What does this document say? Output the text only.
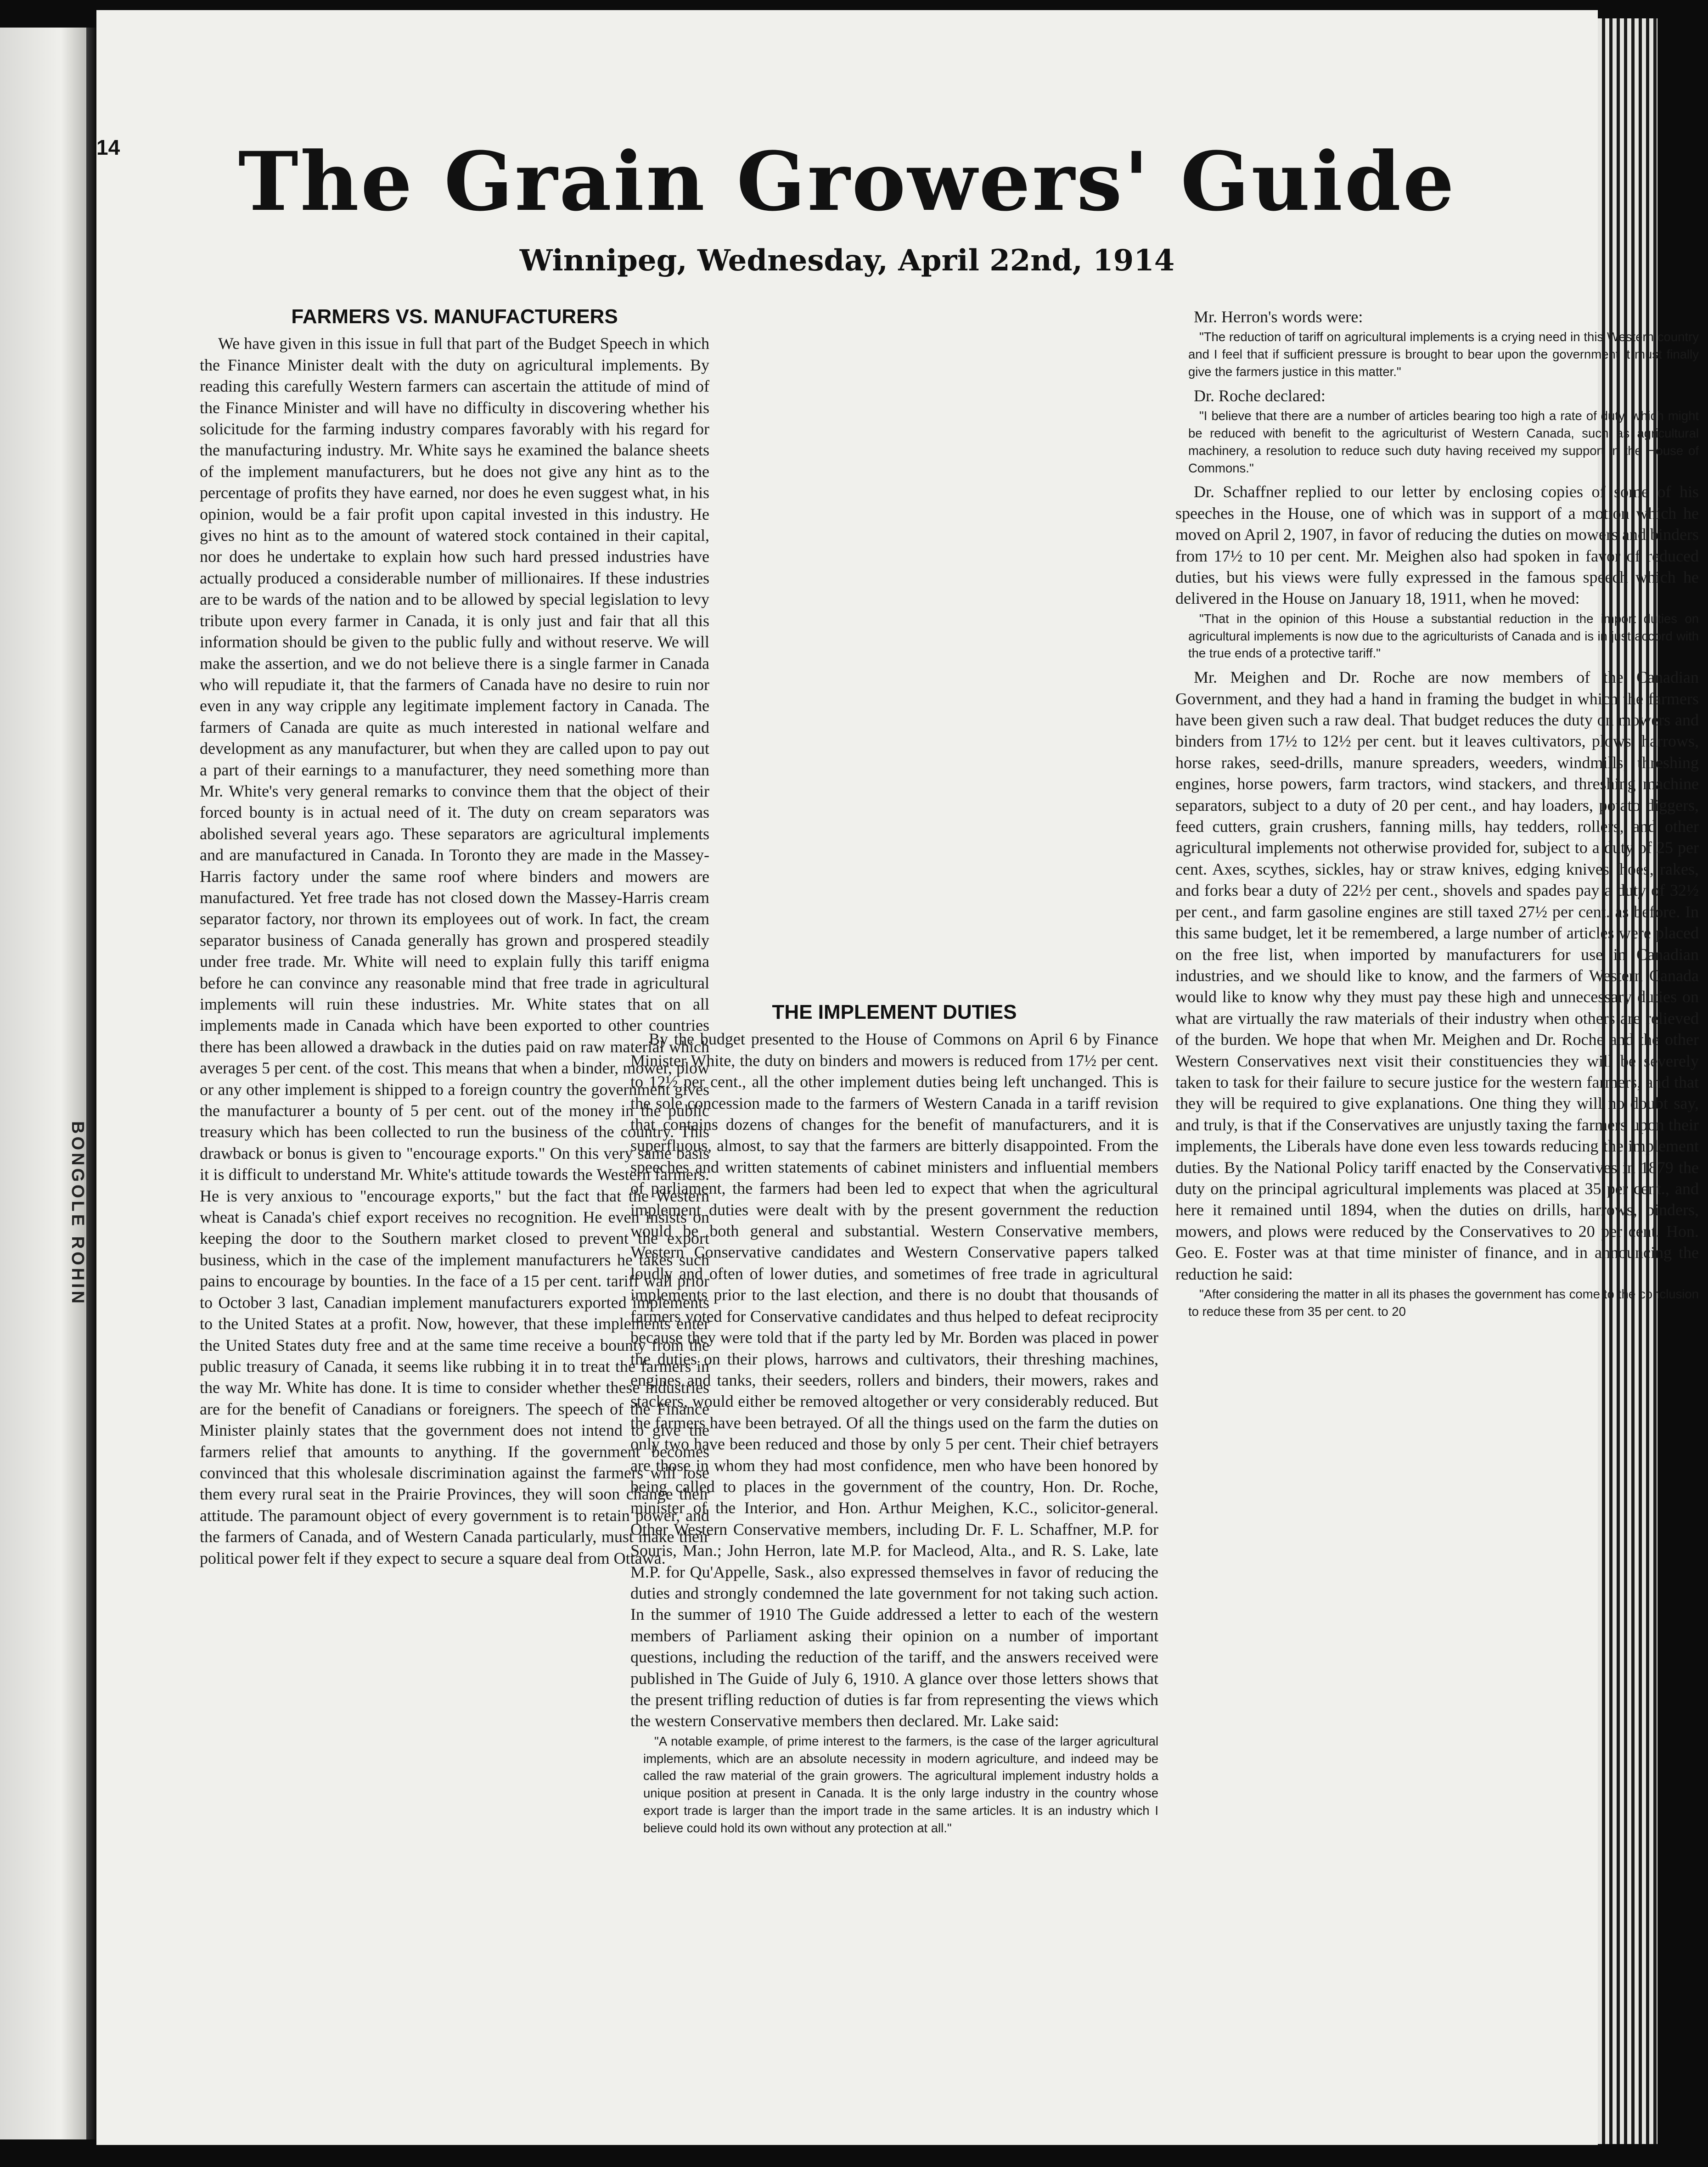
14
BONGOLE ROHIN
The Grain Growers' Guide
Winnipeg, Wednesday, April 22nd, 1914
FARMERS VS. MANUFACTURERS

We have given in this issue in full that part of the Budget Speech in which the Finance Minister dealt with the duty on agricultural implements. By reading this carefully Western farmers can ascertain the attitude of mind of the Finance Minister and will have no difficulty in discovering whether his solicitude for the farming industry compares favorably with his regard for the manufacturing industry. Mr. White says he examined the balance sheets of the implement manufacturers, but he does not give any hint as to the percentage of profits they have earned, nor does he even suggest what, in his opinion, would be a fair profit upon capital invested in this industry. He gives no hint as to the amount of watered stock contained in their capital, nor does he undertake to explain how such hard pressed industries have actually produced a considerable number of millionaires. If these industries are to be wards of the nation and to be allowed by special legislation to levy tribute upon every farmer in Canada, it is only just and fair that all this information should be given to the public fully and without reserve. We will make the assertion, and we do not believe there is a single farmer in Canada who will repudiate it, that the farmers of Canada have no desire to ruin nor even in any way cripple any legitimate implement factory in Canada. The farmers of Canada are quite as much interested in national welfare and development as any manufacturer, but when they are called upon to pay out a part of their earnings to a manufacturer, they need something more than Mr. White's very general remarks to convince them that the object of their forced bounty is in actual need of it. The duty on cream separators was abolished several years ago. These separators are agricultural implements and are manufactured in Canada. In Toronto they are made in the Massey-Harris factory under the same roof where binders and mowers are manufactured. Yet free trade has not closed down the Massey-Harris cream separator factory, nor thrown its employees out of work. In fact, the cream separator business of Canada generally has grown and prospered steadily under free trade. Mr. White will need to explain fully this tariff enigma before he can convince any reasonable mind that free trade in agricultural implements will ruin these industries. Mr. White states that on all implements made in Canada which have been exported to other countries there has been allowed a drawback in the duties paid on raw material which averages 5 per cent. of the cost. This means that when a binder, mower, plow or any other implement is shipped to a foreign country the government gives the manufacturer a bounty of 5 per cent. out of the money in the public treasury which has been collected to run the business of the country. This drawback or bonus is given to "encourage exports." On this very same basis it is difficult to understand Mr. White's attitude towards the Western farmers. He is very anxious to "encourage exports," but the fact that the Western wheat is Canada's chief export receives no recognition. He even insists on keeping the door to the Southern market closed to prevent the export business, which in the case of the implement manufacturers he takes such pains to encourage by bounties. In the face of a 15 per cent. tariff wall prior to October 3 last, Canadian implement manufacturers exported implements to the United States at a profit. Now, however, that these implements enter the United States duty free and at the same time receive a bounty from the public treasury of Canada, it seems like rubbing it in to treat the farmers in the way Mr. White has done. It is time to consider whether these industries are for the benefit of Canadians or foreigners. The speech of the Finance Minister plainly states that the government does not intend to give the farmers relief that amounts to anything. If the government becomes convinced that this wholesale discrimination against the farmers will lose them every rural seat in the Prairie Provinces, they will soon change their attitude. The paramount object of every government is to retain power, and the farmers of Canada, and of Western Canada particularly, must make their political power felt if they expect to secure a square deal from Ottawa.

THE IMPLEMENT DUTIES

By the budget presented to the House of Commons on April 6 by Finance Minister White, the duty on binders and mowers is reduced from 17½ per cent. to 12½ per cent., all the other implement duties being left unchanged. This is the sole concession made to the farmers of Western Canada in a tariff revision that contains dozens of changes for the benefit of manufacturers, and it is superfluous, almost, to say that the farmers are bitterly disappointed. From the speeches and written statements of cabinet ministers and influential members of parliament, the farmers had been led to expect that when the agricultural implement duties were dealt with by the present government the reduction would be both general and substantial. Western Conservative members, Western Conservative candidates and Western Conservative papers talked loudly and often of lower duties, and sometimes of free trade in agricultural implements prior to the last election, and there is no doubt that thousands of farmers voted for Conservative candidates and thus helped to defeat reciprocity because they were told that if the party led by Mr. Borden was placed in power the duties on their plows, harrows and cultivators, their threshing machines, engines and tanks, their seeders, rollers and binders, their mowers, rakes and stackers, would either be removed altogether or very considerably reduced. But the farmers have been betrayed. Of all the things used on the farm the duties on only two have been reduced and those by only 5 per cent. Their chief betrayers are those in whom they had most confidence, men who have been honored by being called to places in the government of the country, Hon. Dr. Roche, minister of the Interior, and Hon. Arthur Meighen, K.C., solicitor-general. Other Western Conservative members, including Dr. F. L. Schaffner, M.P. for Souris, Man.; John Herron, late M.P. for Macleod, Alta., and R. S. Lake, late M.P. for Qu'Appelle, Sask., also expressed themselves in favor of reducing the duties and strongly condemned the late government for not taking such action. In the summer of 1910 The Guide addressed a letter to each of the western members of Parliament asking their opinion on a number of important questions, including the reduction of the tariff, and the answers received were published in The Guide of July 6, 1910. A glance over those letters shows that the present trifling reduction of duties is far from representing the views which the western Conservative members then declared. Mr. Lake said:

"A notable example, of prime interest to the farmers, is the case of the larger agricultural implements, which are an absolute necessity in modern agriculture, and indeed may be called the raw material of the grain growers. The agricultural implement industry holds a unique position at present in Canada. It is the only large industry in the country whose export trade is larger than the import trade in the same articles. It is an industry which I believe could hold its own without any protection at all."

Mr. Herron's words were:

"The reduction of tariff on agricultural implements is a crying need in this Western country and I feel that if sufficient pressure is brought to bear upon the government it must finally give the farmers justice in this matter."

Dr. Roche declared:

"I believe that there are a number of articles bearing too high a rate of duty, which might be reduced with benefit to the agriculturist of Western Canada, such as agricultural machinery, a resolution to reduce such duty having received my support in the House of Commons."

Dr. Schaffner replied to our letter by enclosing copies of some of his speeches in the House, one of which was in support of a motion which he moved on April 2, 1907, in favor of reducing the duties on mowers and binders from 17½ to 10 per cent. Mr. Meighen also had spoken in favor of reduced duties, but his views were fully expressed in the famous speech which he delivered in the House on January 18, 1911, when he moved:

"That in the opinion of this House a substantial reduction in the import duties on agricultural implements is now due to the agriculturists of Canada and is in just accord with the true ends of a protective tariff."

Mr. Meighen and Dr. Roche are now members of the Canadian Government, and they had a hand in framing the budget in which the farmers have been given such a raw deal. That budget reduces the duty on mowers and binders from 17½ to 12½ per cent. but it leaves cultivators, plows, harrows, horse rakes, seed-drills, manure spreaders, weeders, windmills, threshing engines, horse powers, farm tractors, wind stackers, and threshing machine separators, subject to a duty of 20 per cent., and hay loaders, potato diggers, feed cutters, grain crushers, fanning mills, hay tedders, rollers, and other agricultural implements not otherwise provided for, subject to a duty of 25 per cent. Axes, scythes, sickles, hay or straw knives, edging knives, hoes, rakes, and forks bear a duty of 22½ per cent., shovels and spades pay a duty of 32½ per cent., and farm gasoline engines are still taxed 27½ per cent. as before. In this same budget, let it be remembered, a large number of articles were placed on the free list, when imported by manufacturers for use in Canadian industries, and we should like to know, and the farmers of Western Canada would like to know why they must pay these high and unnecessary duties on what are virtually the raw materials of their industry when others are relieved of the burden. We hope that when Mr. Meighen and Dr. Roche and the other Western Conservatives next visit their constituencies they will be severely taken to task for their failure to secure justice for the western farmers, and that they will be required to give explanations. One thing they will no doubt say, and truly, is that if the Conservatives are unjustly taxing the farmers upon their implements, the Liberals have done even less towards reducing the implement duties. By the National Policy tariff enacted by the Conservatives in 1879 the duty on the principal agricultural implements was placed at 35 per cent., and here it remained until 1894, when the duties on drills, harrows, binders, mowers, and plows were reduced by the Conservatives to 20 per cent. Hon. Geo. E. Foster was at that time minister of finance, and in announcing the reduction he said:

"After considering the matter in all its phases the government has come to the conclusion to reduce these from 35 per cent. to 20
